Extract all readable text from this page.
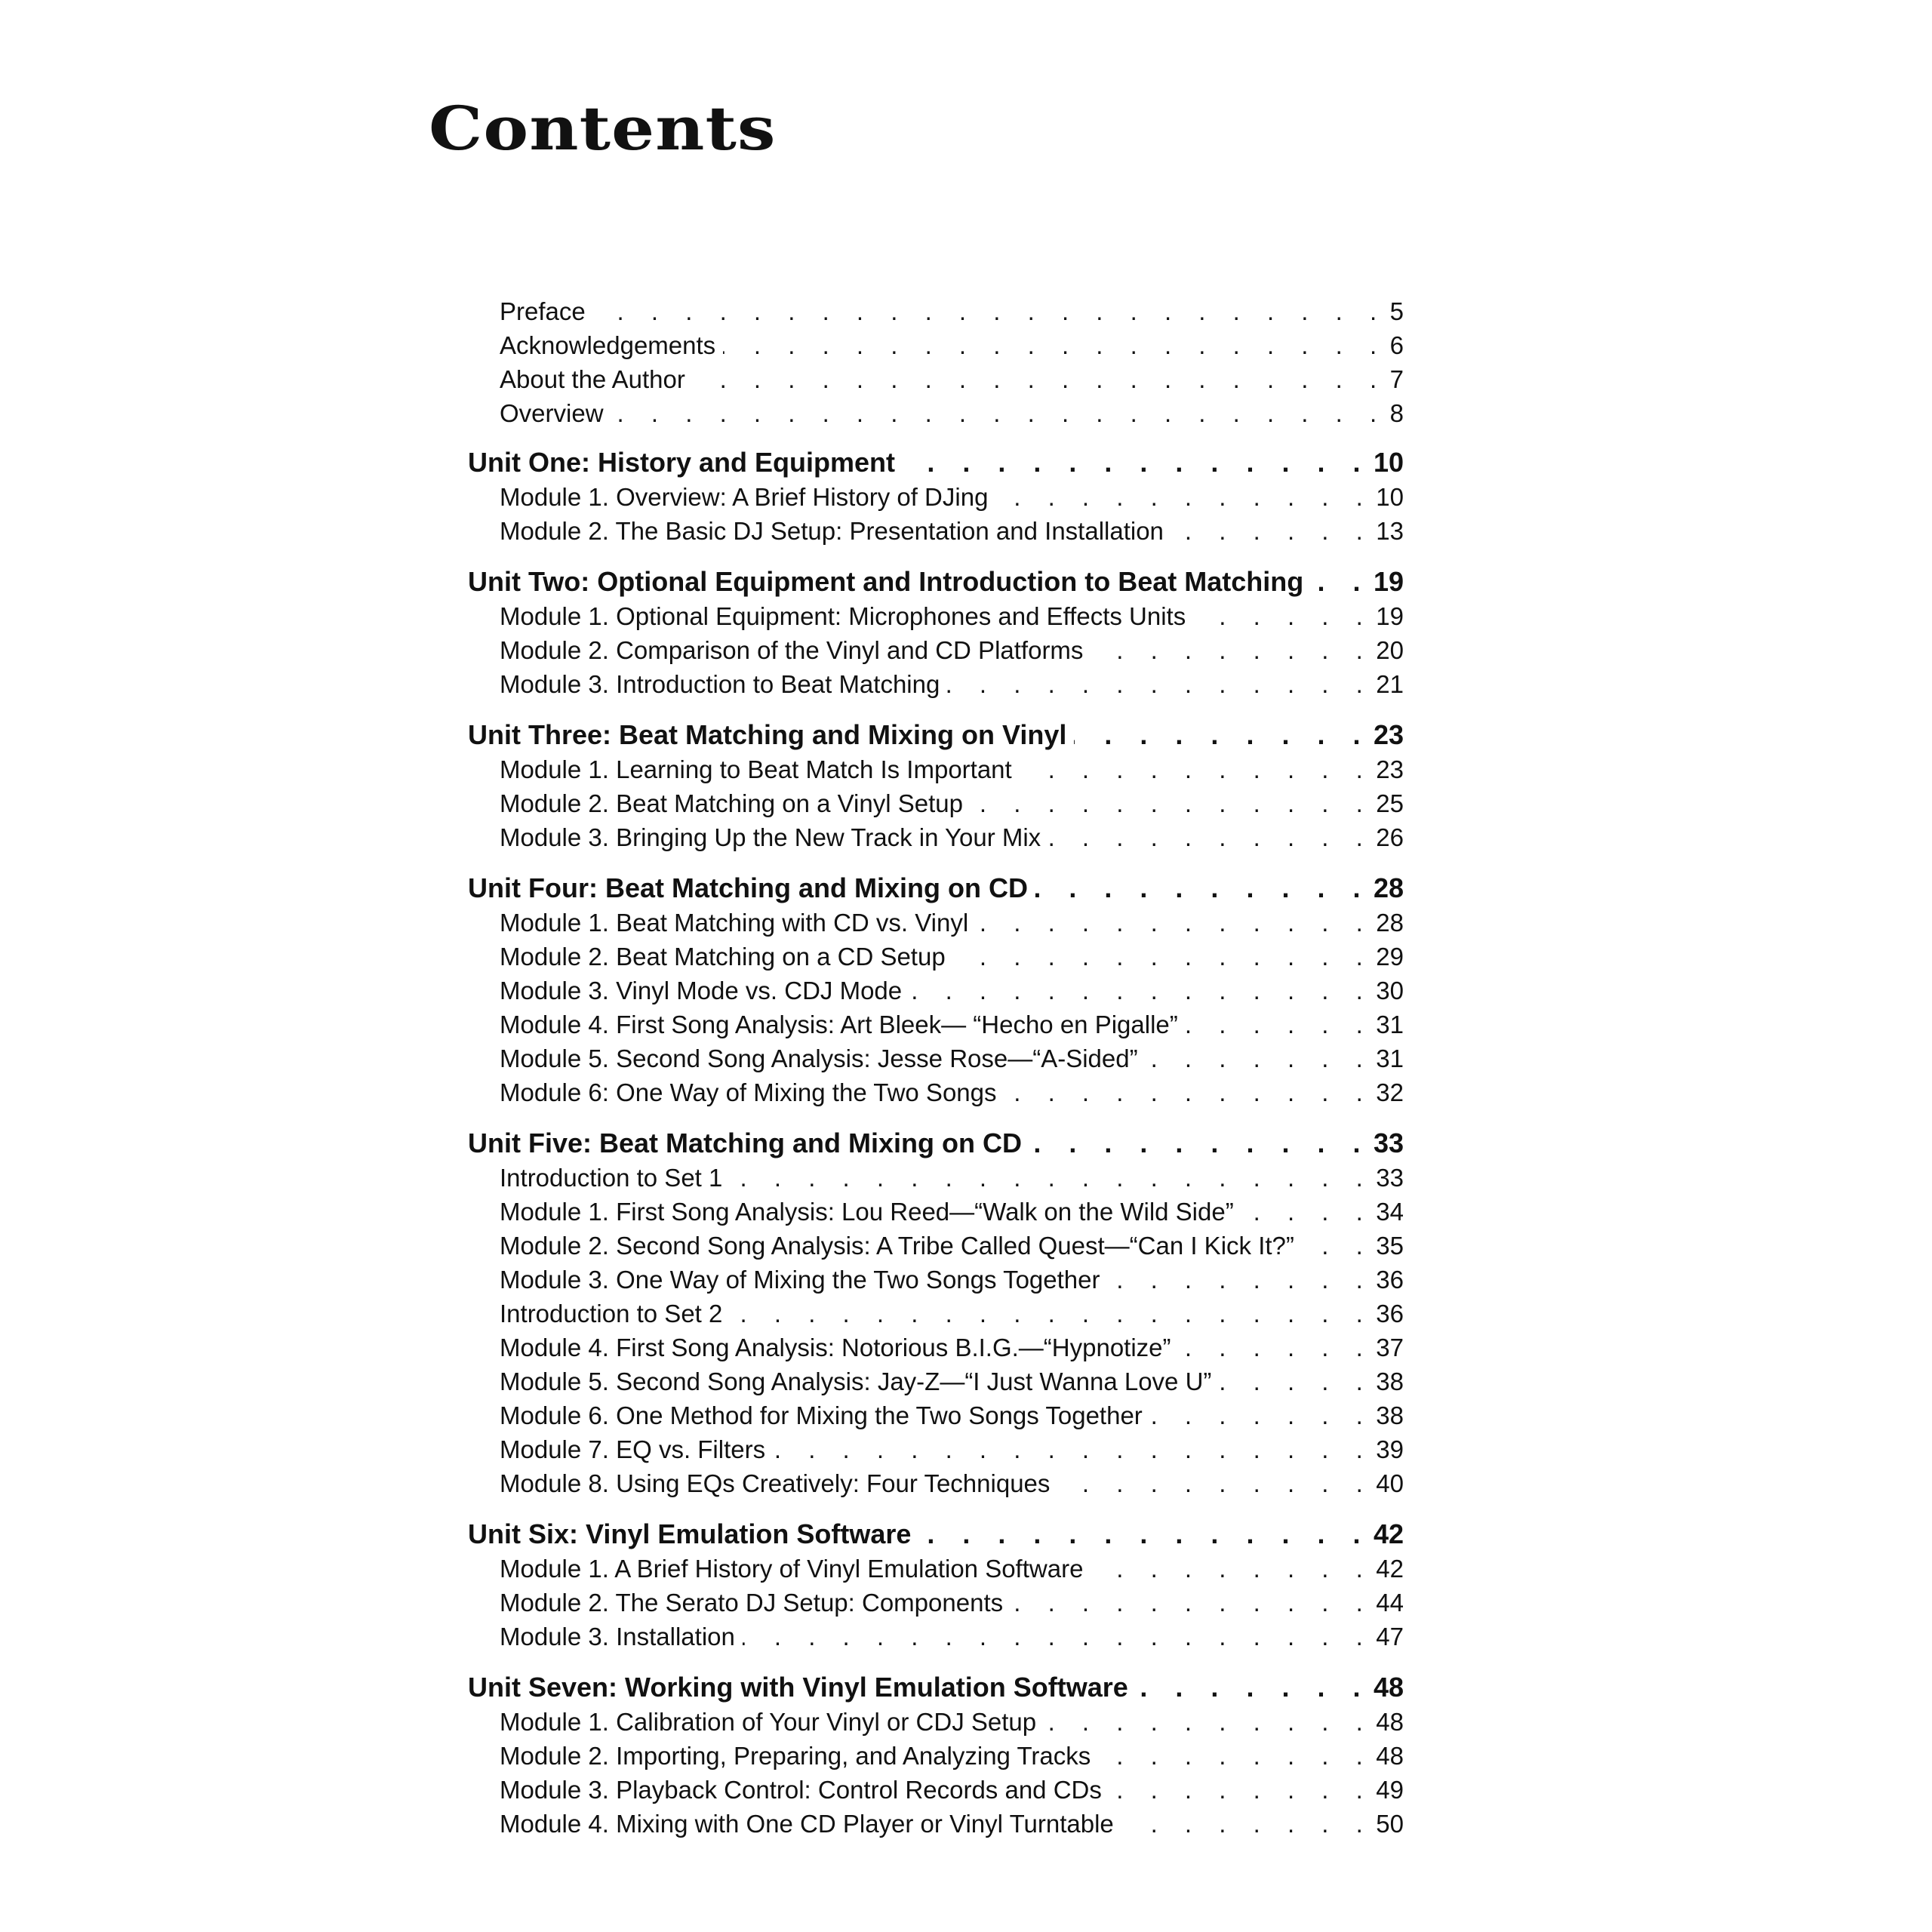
Contents
Preface . . .	5
Acknowledgements . . .	6
About the Author . . .	7
Overview . . .	8
Unit One: History and Equipment . . .	10
Module 1. Overview: A Brief History of DJing . . .	10
Module 2. The Basic DJ Setup: Presentation and Installation . . .	13
Unit Two: Optional Equipment and Introduction to Beat Matching . . .	19
Module 1. Optional Equipment: Microphones and Effects Units . . .	19
Module 2. Comparison of the Vinyl and CD Platforms . . .	20
Module 3. Introduction to Beat Matching . . .	21
Unit Three: Beat Matching and Mixing on Vinyl . . .	23
Module 1. Learning to Beat Match Is Important . . .	23
Module 2. Beat Matching on a Vinyl Setup . . .	25
Module 3. Bringing Up the New Track in Your Mix . . .	26
Unit Four: Beat Matching and Mixing on CD . . .	28
Module 1. Beat Matching with CD vs. Vinyl . . .	28
Module 2. Beat Matching on a CD Setup . . .	29
Module 3. Vinyl Mode vs. CDJ Mode . . .	30
Module 4. First Song Analysis: Art Bleek— “Hecho en Pigalle” . . .	31
Module 5. Second Song Analysis: Jesse Rose—“A-Sided” . . .	31
Module 6: One Way of Mixing the Two Songs . . .	32
Unit Five: Beat Matching and Mixing on CD . . .	33
Introduction to Set 1 . . .	33
Module 1. First Song Analysis: Lou Reed—“Walk on the Wild Side” . . .	34
Module 2. Second Song Analysis: A Tribe Called Quest—“Can I Kick It?” . . .	35
Module 3. One Way of Mixing the Two Songs Together . . .	36
Introduction to Set 2 . . .	36
Module 4. First Song Analysis: Notorious B.I.G.—“Hypnotize” . . .	37
Module 5. Second Song Analysis: Jay-Z—“I Just Wanna Love U” . . .	38
Module 6. One Method for Mixing the Two Songs Together . . .	38
Module 7. EQ vs. Filters . . .	39
Module 8. Using EQs Creatively: Four Techniques . . .	40
Unit Six: Vinyl Emulation Software . . .	42
Module 1. A Brief History of Vinyl Emulation Software . . .	42
Module 2. The Serato DJ Setup: Components . . .	44
Module 3. Installation . . .	47
Unit Seven: Working with Vinyl Emulation Software . . .	48
Module 1. Calibration of Your Vinyl or CDJ Setup . . .	48
Module 2. Importing, Preparing, and Analyzing Tracks . . .	48
Module 3. Playback Control: Control Records and CDs . . .	49
Module 4. Mixing with One CD Player or Vinyl Turntable . . .	50
